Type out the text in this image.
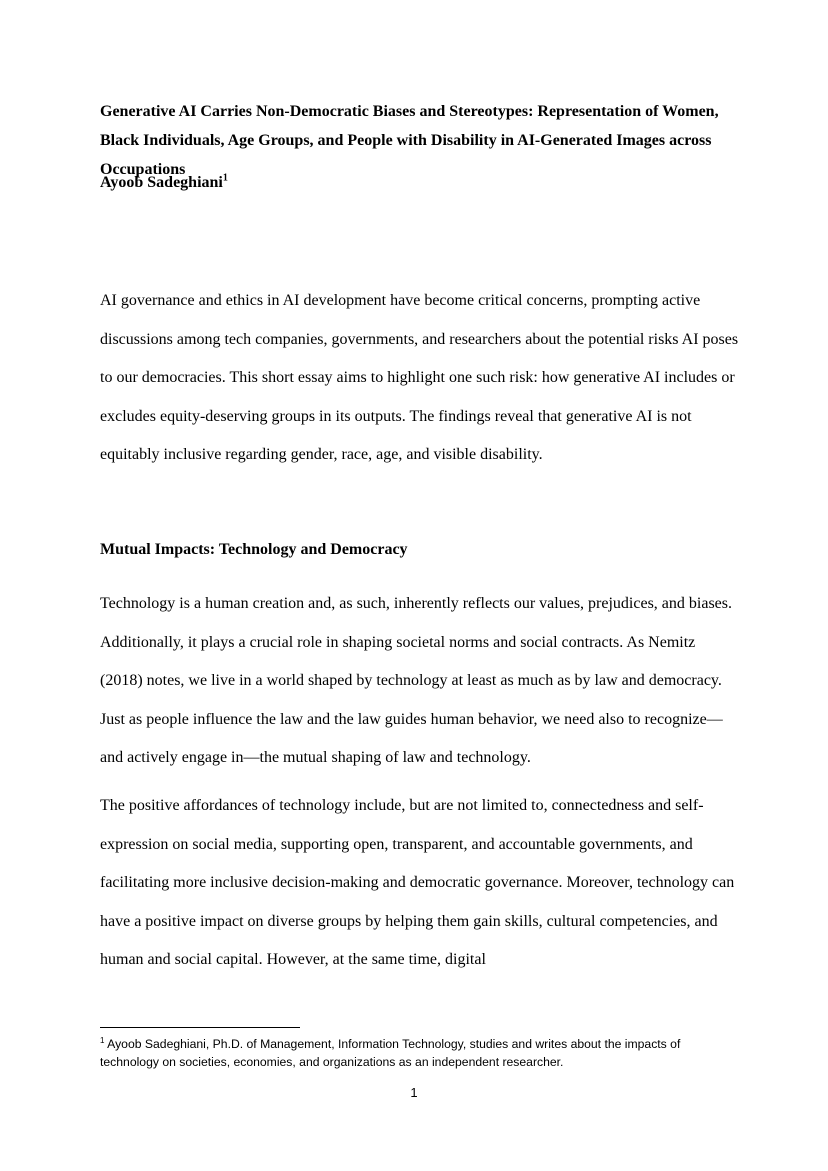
Generative AI Carries Non-Democratic Biases and Stereotypes: Representation of Women, Black Individuals, Age Groups, and People with Disability in AI-Generated Images across Occupations

Ayoob Sadeghiani$^1$

AI governance and ethics in AI development have become critical concerns, prompting active discussions among tech companies, governments, and researchers about the potential risks AI poses to our democracies. This short essay aims to highlight one such risk: how generative AI includes or excludes equity-deserving groups in its outputs. The findings reveal that generative AI is not equitably inclusive regarding gender, race, age, and visible disability.

Mutual Impacts: Technology and Democracy

Technology is a human creation and, as such, inherently reflects our values, prejudices, and biases. Additionally, it plays a crucial role in shaping societal norms and social contracts. As Nemitz (2018) notes, we live in a world shaped by technology at least as much as by law and democracy. Just as people influence the law and the law guides human behavior, we need also to recognize—and actively engage in—the mutual shaping of law and technology.

The positive affordances of technology include, but are not limited to, connectedness and self-expression on social media, supporting open, transparent, and accountable governments, and facilitating more inclusive decision-making and democratic governance. Moreover, technology can have a positive impact on diverse groups by helping them gain skills, cultural competencies, and human and social capital. However, at the same time, digital

$^1$ Ayoob Sadeghiani, Ph.D. of Management, Information Technology, studies and writes about the impacts of technology on societies, economies, and organizations as an independent researcher.

1
